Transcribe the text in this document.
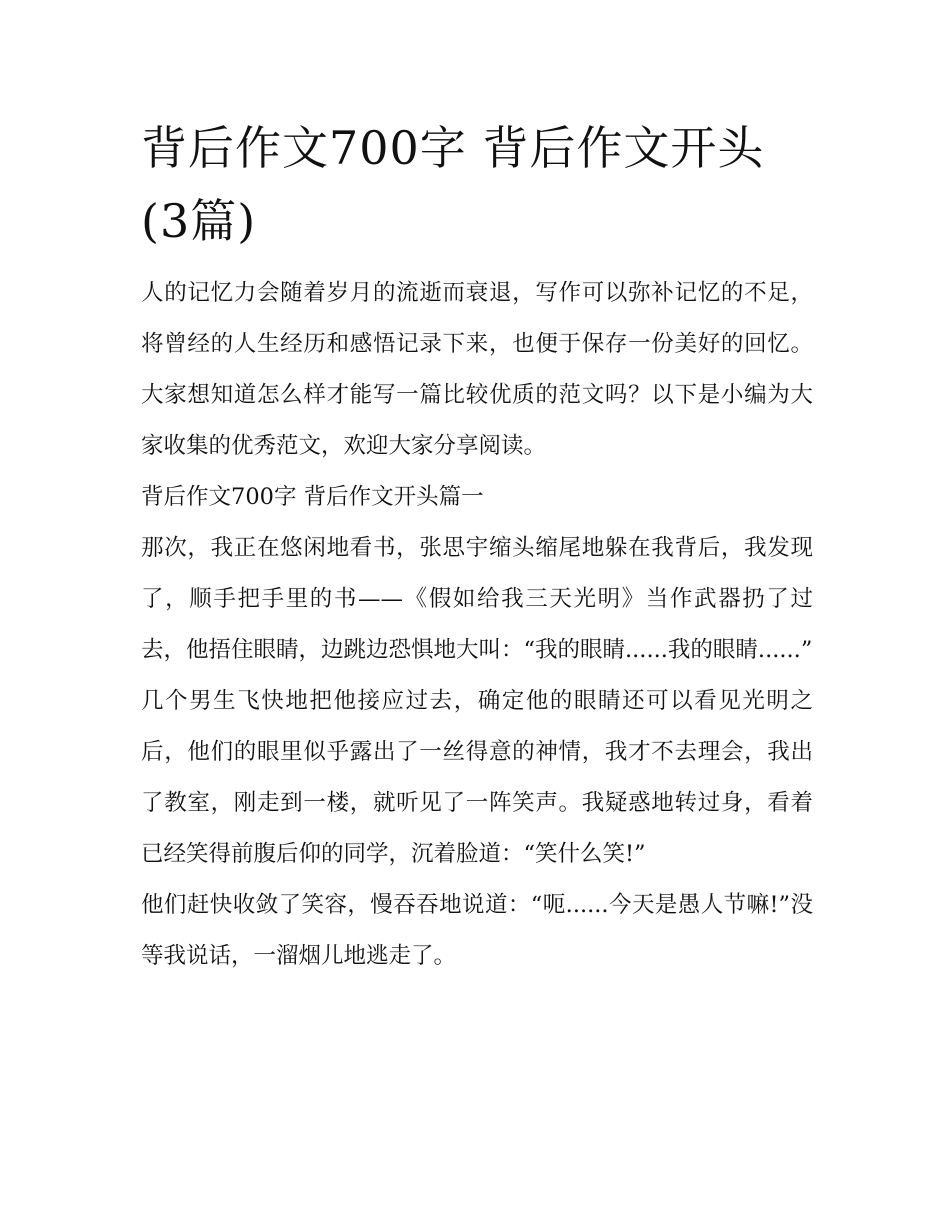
背后作文700字 背后作文开头(3篇)

人的记忆力会随着岁月的流逝而衰退，写作可以弥补记忆的不足，将曾经的人生经历和感悟记录下来，也便于保存一份美好的回忆。大家想知道怎么样才能写一篇比较优质的范文吗？以下是小编为大家收集的优秀范文，欢迎大家分享阅读。

背后作文700字 背后作文开头篇一

那次，我正在悠闲地看书，张思宇缩头缩尾地躲在我背后，我发现了，顺手把手里的书——《假如给我三天光明》当作武器扔了过去，他捂住眼睛，边跳边恐惧地大叫：“我的眼睛......我的眼睛......”

几个男生飞快地把他接应过去，确定他的眼睛还可以看见光明之后，他们的眼里似乎露出了一丝得意的神情，我才不去理会，我出了教室，刚走到一楼，就听见了一阵笑声。我疑惑地转过身，看着已经笑得前腹后仰的同学，沉着脸道：“笑什么笑!”

他们赶快收敛了笑容，慢吞吞地说道：“呃......今天是愚人节嘛!”没等我说话，一溜烟儿地逃走了。
